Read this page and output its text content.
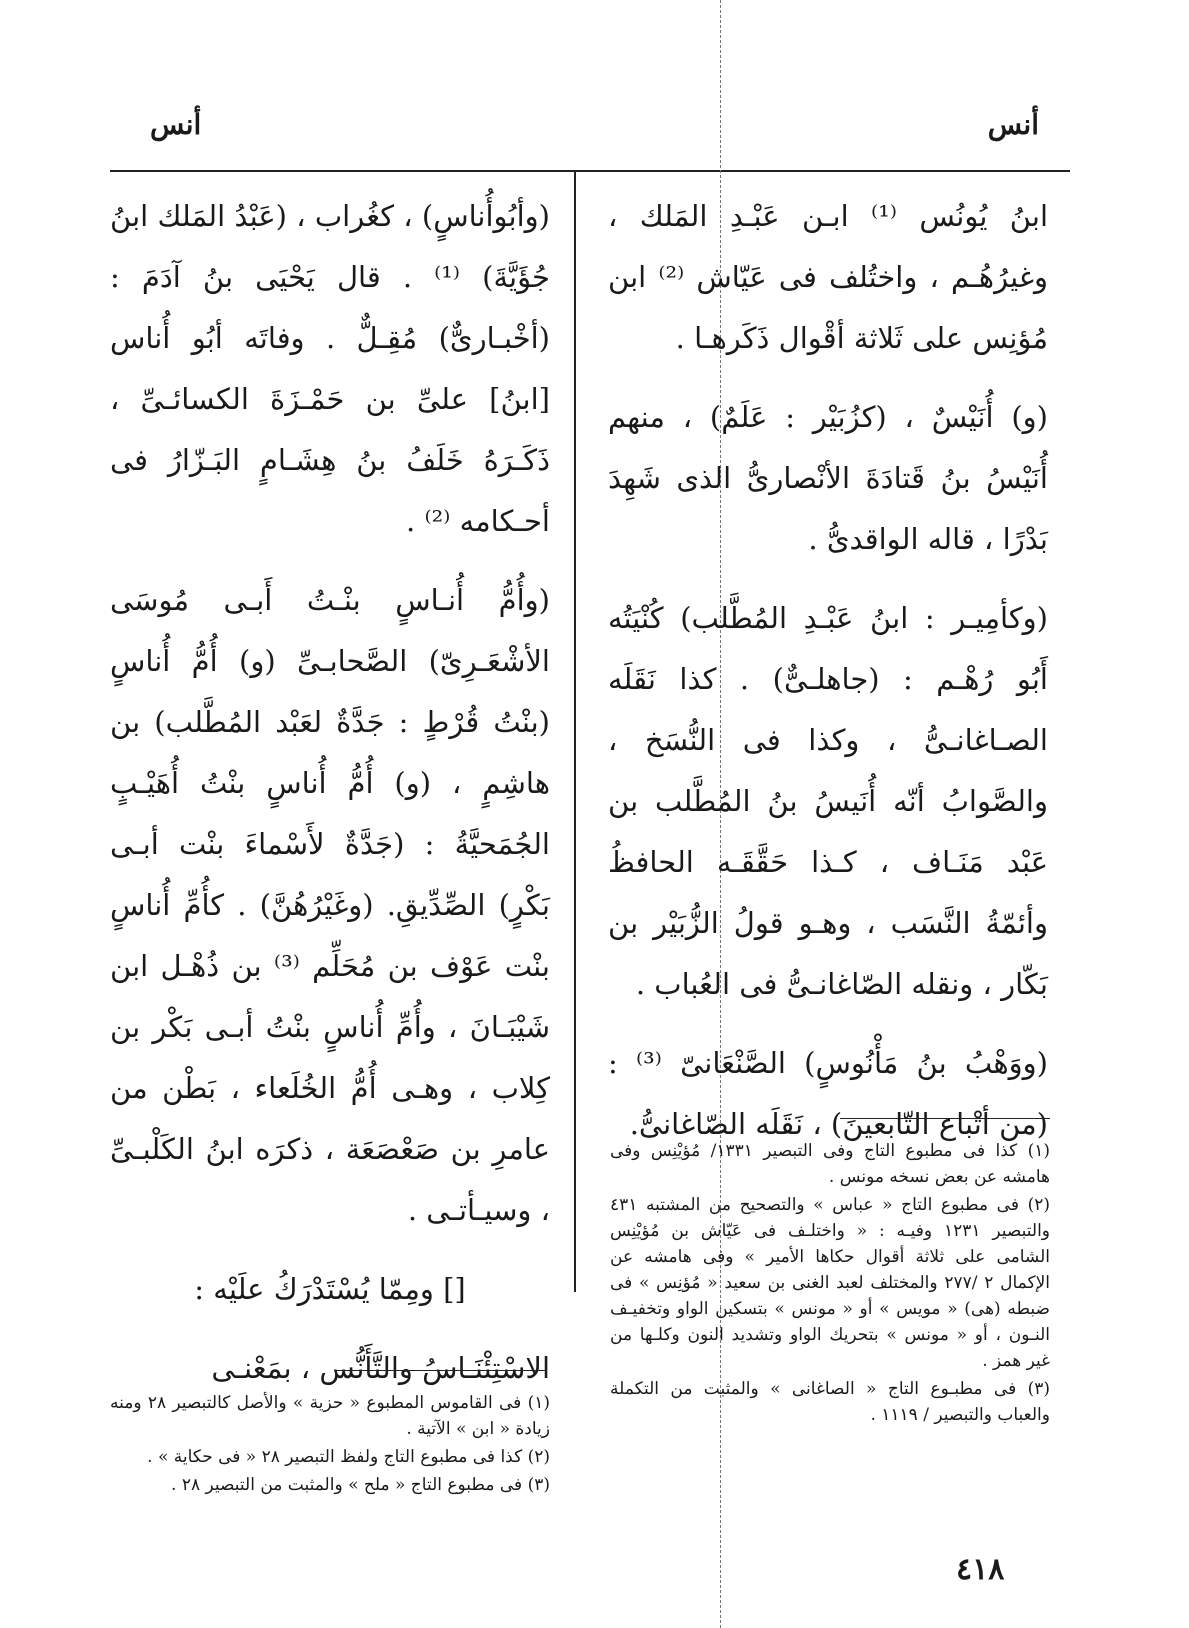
أنس
أنس

ابنُ يُونُس ⁽¹⁾ ابـن عَبْـدِ المَلك ، وغيرُهُـم ، واختُلف فى عَيّاش ⁽²⁾ ابن مُؤنِس على ثَلاثة أقْوال ذَكَرهـا .

(و) أُنَيْسٌ ، (كزُبَيْر : عَلَمٌ) ، منهم أُنَيْسُ بنُ قَتادَةَ الأنْصارىُّ الذى شَهِدَ بَدْرًا ، قاله الواقدىُّ .

(وكأمِيـر : ابنُ عَبْـدِ المُطَّلب) كُنْيَتُه أَبُو رُهْـم : (جاهلـىٌّ) . كذا نَقَلَه الصـاغانـىُّ ، وكذا فى النُّسَخ ، والصَّوابُ أنّه أُنَيسُ بنُ المُطَّلب بن عَبْد مَنَـاف ، كـذا حَقَّقَـه الحافظُ وأئمّةُ النَّسَب ، وهـو قولُ الزُّبَيْر بن بَكّار ، ونقله الصّاغانـىُّ فى العُباب .

(ووَهْبُ بنُ مَأْنُوسٍ) الصَّنْعَانىّ ⁽³⁾ : (من أتْباع التّابعينَ) ، نَقَلَه الصّاغانىُّ.

(وأبُوأُناسٍ) ، كغُراب ، (عَبْدُ المَلك ابنُ جُؤَيَّةَ) ⁽¹⁾ . قال يَحْيَى بنُ آدَمَ : (أخْبـارىٌّ) مُقِـلٌّ . وفاتَه أبُو أُناس [ابنُ] علىِّ بن حَمْـزَةَ الكسائـىِّ ، ذَكَـرَهُ خَلَفُ بنُ هِشَـامٍ البَـزّارُ فى أحـكامه ⁽²⁾ .

(وأُمُّ أُنـاسٍ بنْـتُ أَبـى مُوسَى الأشْعَـرِىّ) الصَّحابـىِّ (و) أُمُّ أُناسٍ (بنْتُ قُرْطٍ : جَدَّةٌ لعَبْد المُطَّلب) بن هاشِمٍ ، (و) أُمُّ أُناسٍ بنْتُ أُهَيْـبٍ الجُمَحيَّةُ : (جَدَّةٌ لأَسْماءَ بنْت أبـى بَكْرٍ) الصِّدِّيقِ. (وغَيْرُهُنَّ) . كأُمِّ أُناسٍ بنْت عَوْف بن مُحَلِّم ⁽³⁾ بن ذُهْـل ابن شَيْبَـانَ ، وأُمِّ أُناسٍ بنْتُ أبـى بَكْر بن كِلاب ، وهـى أُمُّ الخُلَعاء ، بَطْن من عامرِ بن صَعْصَعَة ، ذكرَه ابنُ الكَلْبـىِّ ، وسيـأتـى .

[] ومِمّا يُسْتَدْرَكُ علَيْه :

الاسْتِئْنَـاسُ والتَّأَنُّس ، بمَعْنـى

(١) كذا فى مطبوع التاج وفى التبصير ١٣٣١/ مُؤيْنِس وفى هامشه عن بعض نسخه مونس .

(٢) فى مطبوع التاج « عباس » والتصحيح من المشتبه ٤٣١ والتبصير ١٢٣١ وفيـه : « واختلـف فى عَيّاش بن مُؤيْنِس الشامى على ثلاثة أقوال حكاها الأمير » وفى هامشه عن الإكمال ٢ /٢٧٧ والمختلف لعبد الغنى بن سعيد « مُؤنِس » فى ضبطه (هى) « مويس » أو « مونس » بتسكين الواو وتخفيـف النـون ، أو « مونس » بتحريك الواو وتشديد النون وكلـها من غير همز .

(٣) فى مطبـوع التاج « الصاغانى » والمثبت من التكملة والعباب والتبصير / ١١١٩ .

(١) فى القاموس المطبوع « حزية » والأصل كالتبصير ٢٨ ومنه زيادة « ابن » الآتية .

(٢) كذا فى مطبوع التاج ولفظ التبصير ٢٨ « فى حكاية » .

(٣) فى مطبوع التاج « ملح » والمثبت من التبصير ٢٨ .

٤١٨
